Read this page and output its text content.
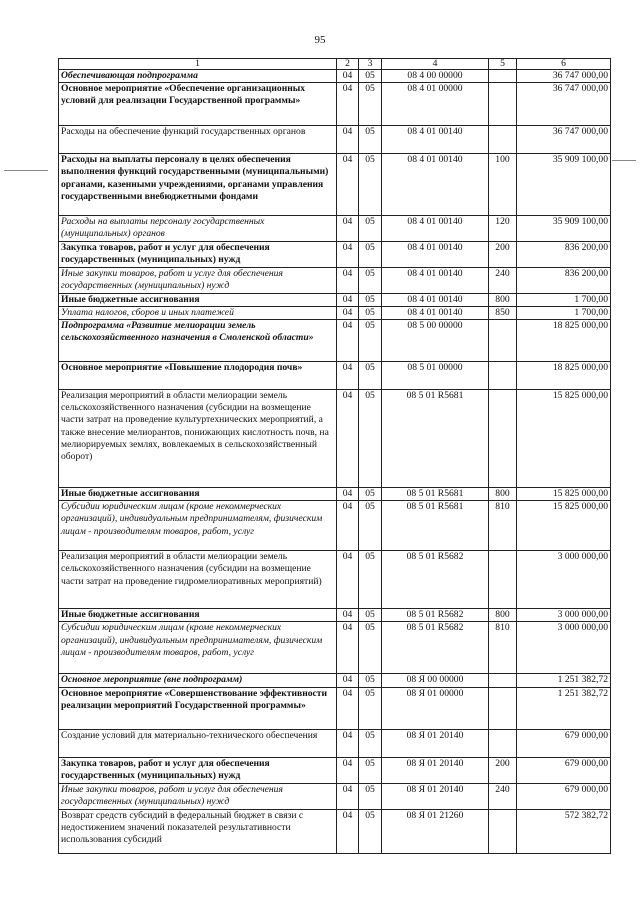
95
1	2	3	4	5	6
Обеспечивающая подпрограмма	04	05	08 4 00 00000		36 747 000,00
Основное мероприятие «Обеспечение организационных условий для реализации Государственной программы»	04	05	08 4 01 00000		36 747 000,00
Расходы на обеспечение функций государственных органов	04	05	08 4 01 00140		36 747 000,00
Расходы на выплаты персоналу в целях обеспечения выполнения функций государственными (муниципальными) органами, казенными учреждениями, органами управления государственными внебюджетными фондами	04	05	08 4 01 00140	100	35 909 100,00
Расходы на выплаты персоналу государственных (муниципальных) органов	04	05	08 4 01 00140	120	35 909 100,00
Закупка товаров, работ и услуг для обеспечения государственных (муниципальных) нужд	04	05	08 4 01 00140	200	836 200,00
Иные закупки товаров, работ и услуг для обеспечения государственных (муниципальных) нужд	04	05	08 4 01 00140	240	836 200,00
Иные бюджетные ассигнования	04	05	08 4 01 00140	800	1 700,00
Уплата налогов, сборов и иных платежей	04	05	08 4 01 00140	850	1 700,00
Подпрограмма «Развитие мелиорации земель сельскохозяйственного назначения в Смоленской области»	04	05	08 5 00 00000		18 825 000,00
Основное мероприятие «Повышение плодородия почв»	04	05	08 5 01 00000		18 825 000,00
Реализация мероприятий в области мелиорации земель сельскохозяйственного назначения (субсидии на возмещение части затрат на проведение культуртехнических мероприятий, а также внесение мелиорантов, понижающих кислотность почв, на мелиорируемых землях, вовлекаемых в сельскохозяйственный оборот)	04	05	08 5 01 R5681		15 825 000,00
Иные бюджетные ассигнования	04	05	08 5 01 R5681	800	15 825 000,00
Субсидии юридическим лицам (кроме некоммерческих организаций), индивидуальным предпринимателям, физическим лицам - производителям товаров, работ, услуг	04	05	08 5 01 R5681	810	15 825 000,00
Реализация мероприятий в области мелиорации земель сельскохозяйственного назначения (субсидии на возмещение части затрат на проведение гидромелиоративных мероприятий)	04	05	08 5 01 R5682		3 000 000,00
Иные бюджетные ассигнования	04	05	08 5 01 R5682	800	3 000 000,00
Субсидии юридическим лицам (кроме некоммерческих организаций), индивидуальным предпринимателям, физическим лицам - производителям товаров, работ, услуг	04	05	08 5 01 R5682	810	3 000 000,00
Основное мероприятие (вне подпрограмм)	04	05	08 Я 00 00000		1 251 382,72
Основное мероприятие «Совершенствование эффективности реализации мероприятий Государственной программы»	04	05	08 Я 01 00000		1 251 382,72
Создание условий для материально-технического обеспечения	04	05	08 Я 01 20140		679 000,00
Закупка товаров, работ и услуг для обеспечения государственных (муниципальных) нужд	04	05	08 Я 01 20140	200	679 000,00
Иные закупки товаров, работ и услуг для обеспечения государственных (муниципальных) нужд	04	05	08 Я 01 20140	240	679 000,00
Возврат средств субсидий в федеральный бюджет в связи с недостижением значений показателей результативности использования субсидий	04	05	08 Я 01 21260		572 382,72
